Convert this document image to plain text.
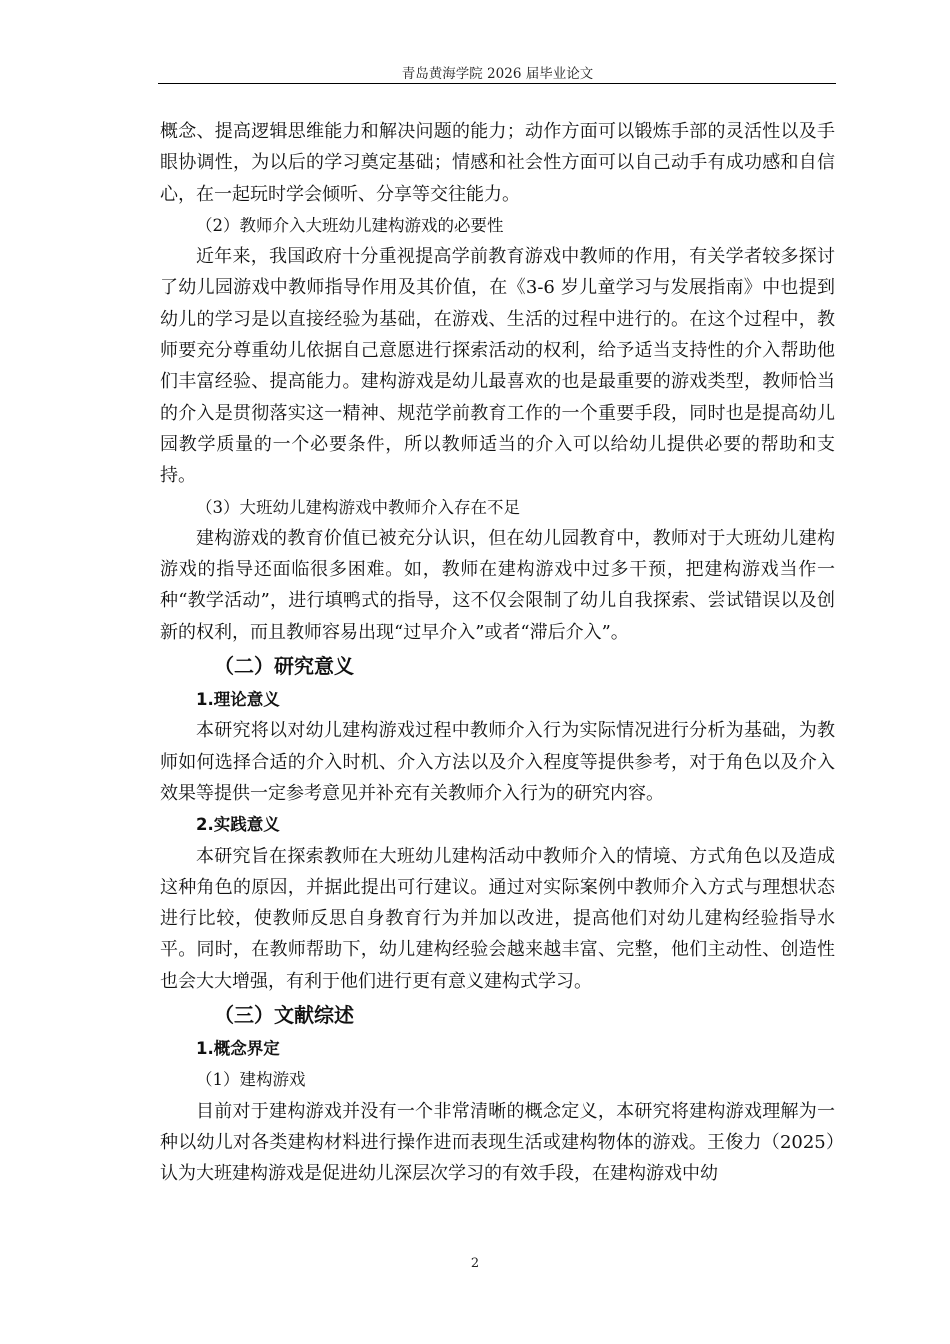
青岛黄海学院 2026 届毕业论文

概念、提高逻辑思维能力和解决问题的能力；动作方面可以锻炼手部的灵活性以及手眼协调性，为以后的学习奠定基础；情感和社会性方面可以自己动手有成功感和自信心，在一起玩时学会倾听、分享等交往能力。

（2）教师介入大班幼儿建构游戏的必要性

近年来，我国政府十分重视提高学前教育游戏中教师的作用，有关学者较多探讨了幼儿园游戏中教师指导作用及其价值，在《3-6 岁儿童学习与发展指南》中也提到幼儿的学习是以直接经验为基础，在游戏、生活的过程中进行的。在这个过程中，教师要充分尊重幼儿依据自己意愿进行探索活动的权利，给予适当支持性的介入帮助他们丰富经验、提高能力。建构游戏是幼儿最喜欢的也是最重要的游戏类型，教师恰当的介入是贯彻落实这一精神、规范学前教育工作的一个重要手段，同时也是提高幼儿园教学质量的一个必要条件，所以教师适当的介入可以给幼儿提供必要的帮助和支持。

（3）大班幼儿建构游戏中教师介入存在不足

建构游戏的教育价值已被充分认识，但在幼儿园教育中，教师对于大班幼儿建构游戏的指导还面临很多困难。如，教师在建构游戏中过多干预，把建构游戏当作一种“教学活动”，进行填鸭式的指导，这不仅会限制了幼儿自我探索、尝试错误以及创新的权利，而且教师容易出现“过早介入”或者“滞后介入”。

（二）研究意义

1.理论意义

本研究将以对幼儿建构游戏过程中教师介入行为实际情况进行分析为基础，为教师如何选择合适的介入时机、介入方法以及介入程度等提供参考，对于角色以及介入效果等提供一定参考意见并补充有关教师介入行为的研究内容。

2.实践意义

本研究旨在探索教师在大班幼儿建构活动中教师介入的情境、方式角色以及造成这种角色的原因，并据此提出可行建议。通过对实际案例中教师介入方式与理想状态进行比较，使教师反思自身教育行为并加以改进，提高他们对幼儿建构经验指导水平。同时，在教师帮助下，幼儿建构经验会越来越丰富、完整，他们主动性、创造性也会大大增强，有利于他们进行更有意义建构式学习。

（三）文献综述

1.概念界定

（1）建构游戏

目前对于建构游戏并没有一个非常清晰的概念定义，本研究将建构游戏理解为一种以幼儿对各类建构材料进行操作进而表现生活或建构物体的游戏。王俊力（2025）认为大班建构游戏是促进幼儿深层次学习的有效手段，在建构游戏中幼

2
